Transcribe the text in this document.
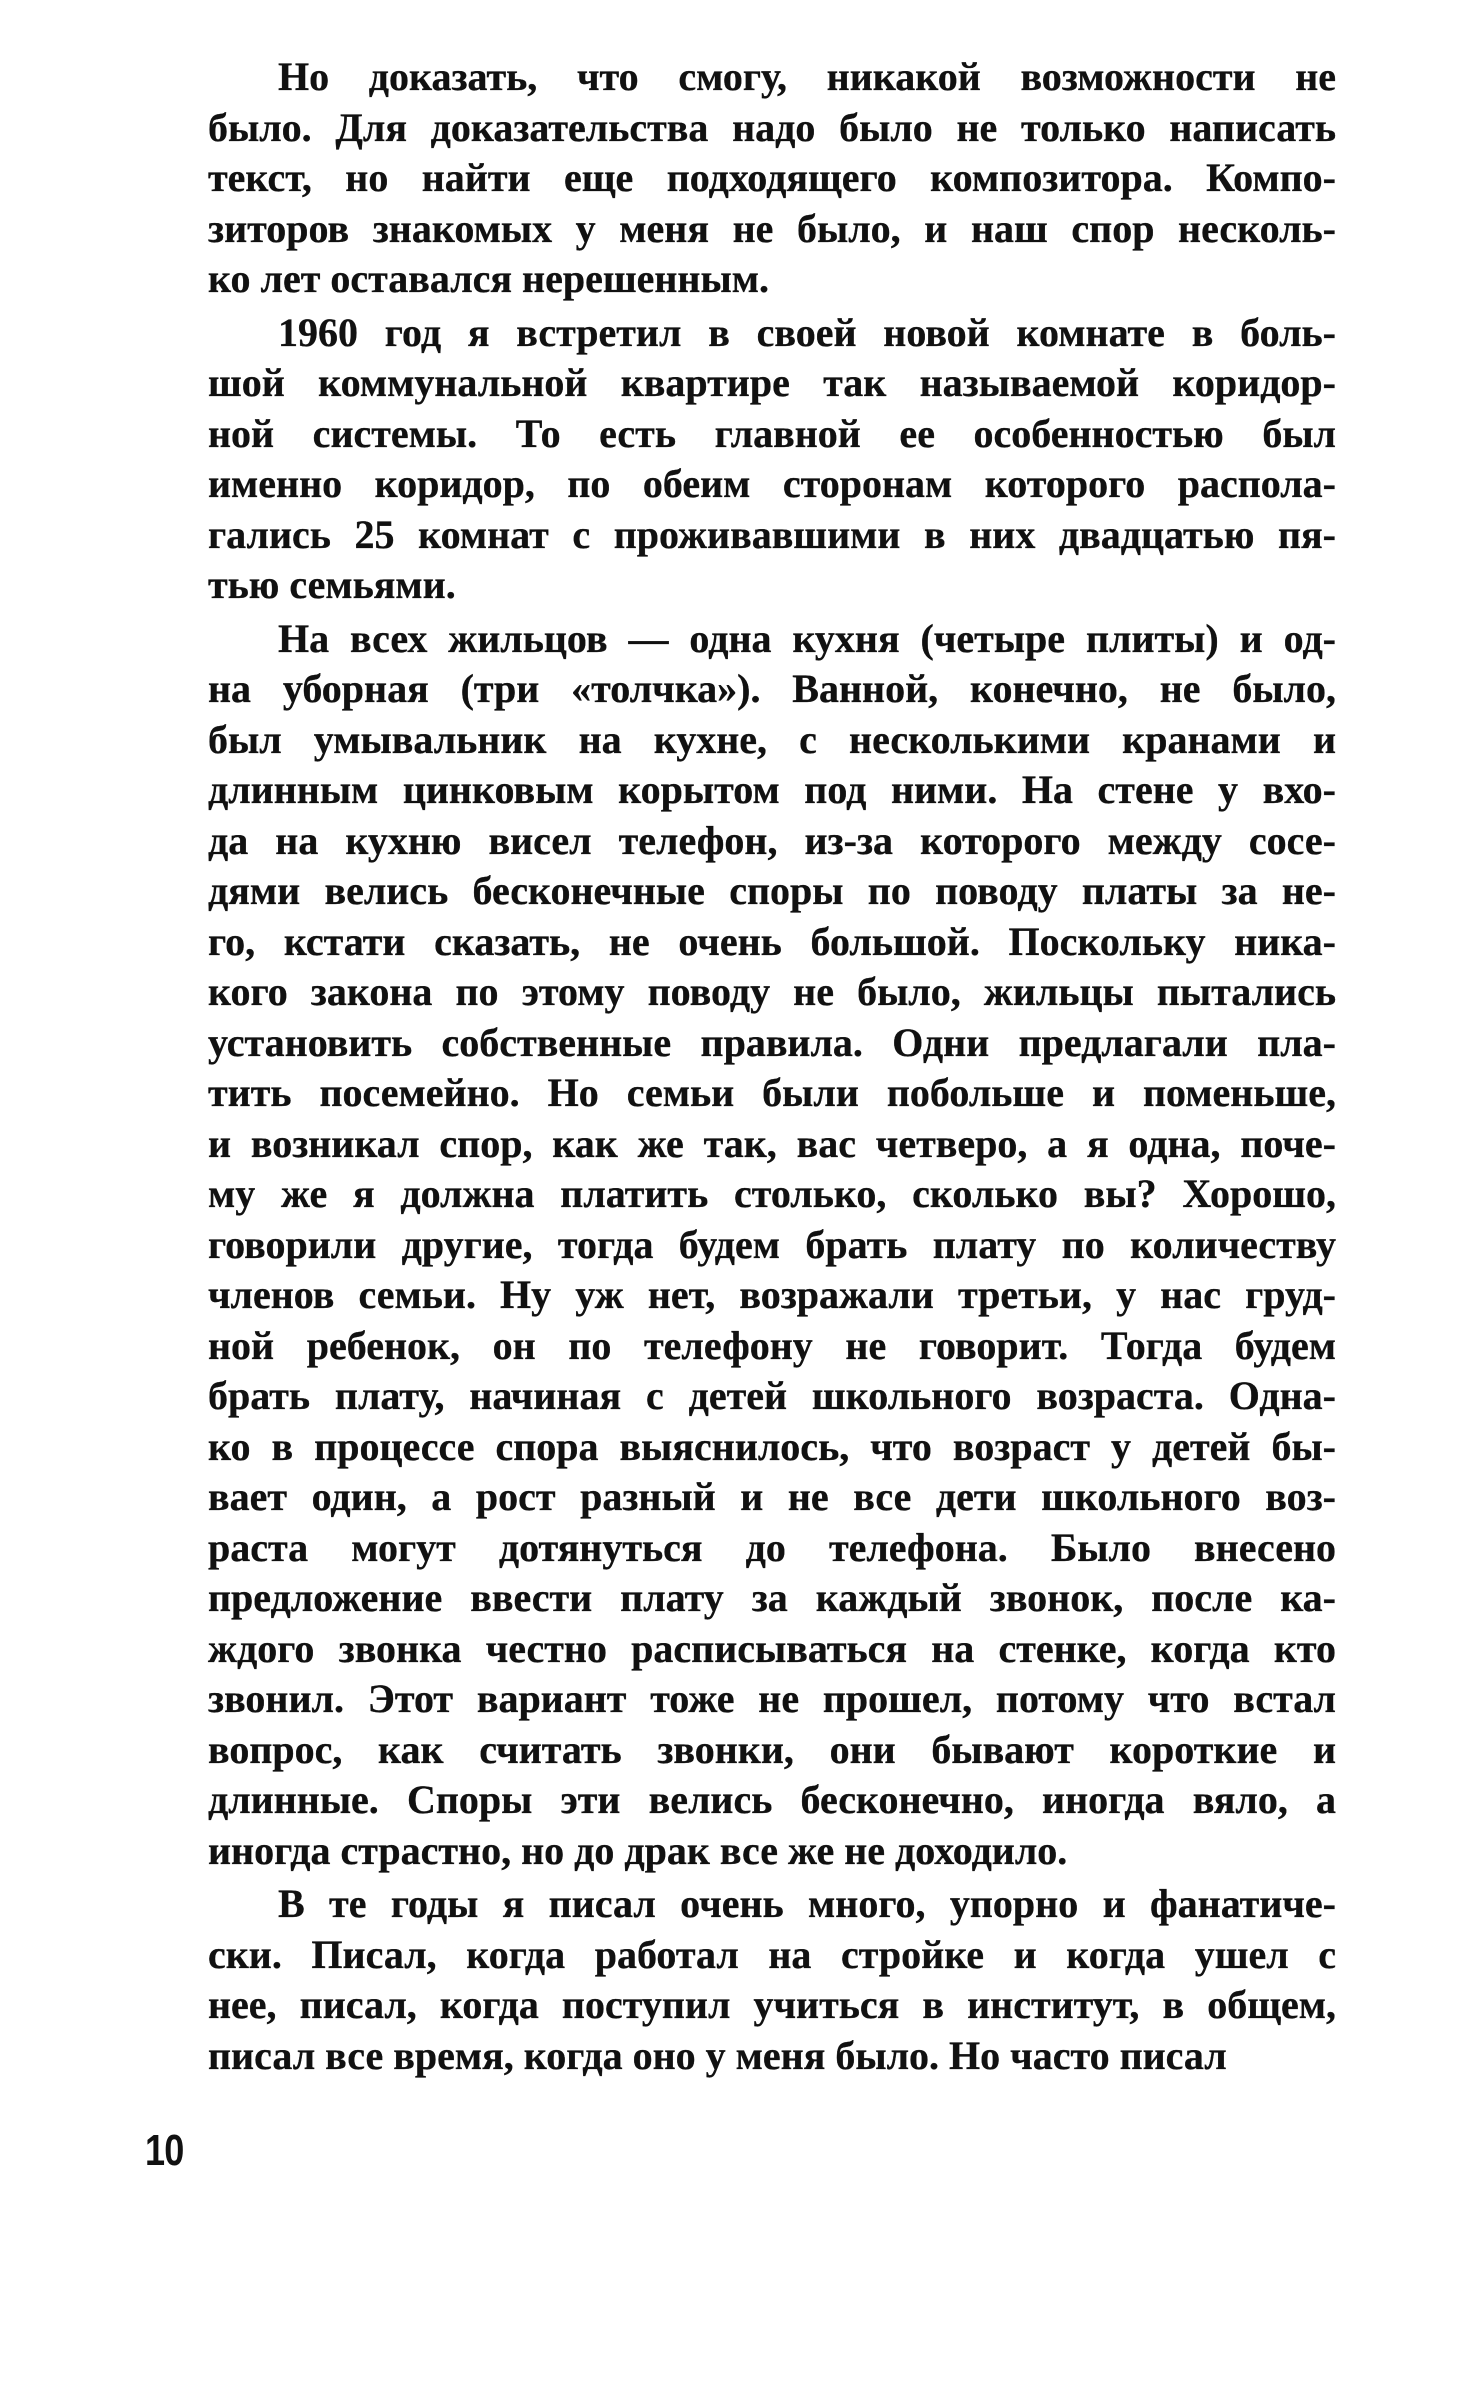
Но доказать, что смогу, никакой возможности не
было. Для доказательства надо было не только написать
текст, но найти еще подходящего композитора. Компо-
зиторов знакомых у меня не было, и наш спор несколь-
ко лет оставался нерешенным.
1960 год я встретил в своей новой комнате в боль-
шой коммунальной квартире так называемой коридор-
ной системы. То есть главной ее особенностью был
именно коридор, по обеим сторонам которого распола-
гались 25 комнат с проживавшими в них двадцатью пя-
тью семьями.
На всех жильцов — одна кухня (четыре плиты) и од-
на уборная (три «толчка»). Ванной, конечно, не было,
был умывальник на кухне, с несколькими кранами и
длинным цинковым корытом под ними. На стене у вхо-
да на кухню висел телефон, из-за которого между сосе-
дями велись бесконечные споры по поводу платы за не-
го, кстати сказать, не очень большой. Поскольку ника-
кого закона по этому поводу не было, жильцы пытались
установить собственные правила. Одни предлагали пла-
тить посемейно. Но семьи были побольше и поменьше,
и возникал спор, как же так, вас четверо, а я одна, поче-
му же я должна платить столько, сколько вы? Хорошо,
говорили другие, тогда будем брать плату по количеству
членов семьи. Ну уж нет, возражали третьи, у нас груд-
ной ребенок, он по телефону не говорит. Тогда будем
брать плату, начиная с детей школьного возраста. Одна-
ко в процессе спора выяснилось, что возраст у детей бы-
вает один, а рост разный и не все дети школьного воз-
раста могут дотянуться до телефона. Было внесено
предложение ввести плату за каждый звонок, после ка-
ждого звонка честно расписываться на стенке, когда кто
звонил. Этот вариант тоже не прошел, потому что встал
вопрос, как считать звонки, они бывают короткие и
длинные. Споры эти велись бесконечно, иногда вяло, а
иногда страстно, но до драк все же не доходило.
В те годы я писал очень много, упорно и фанатиче-
ски. Писал, когда работал на стройке и когда ушел с
нее, писал, когда поступил учиться в институт, в общем,
писал все время, когда оно у меня было. Но часто писал
10
